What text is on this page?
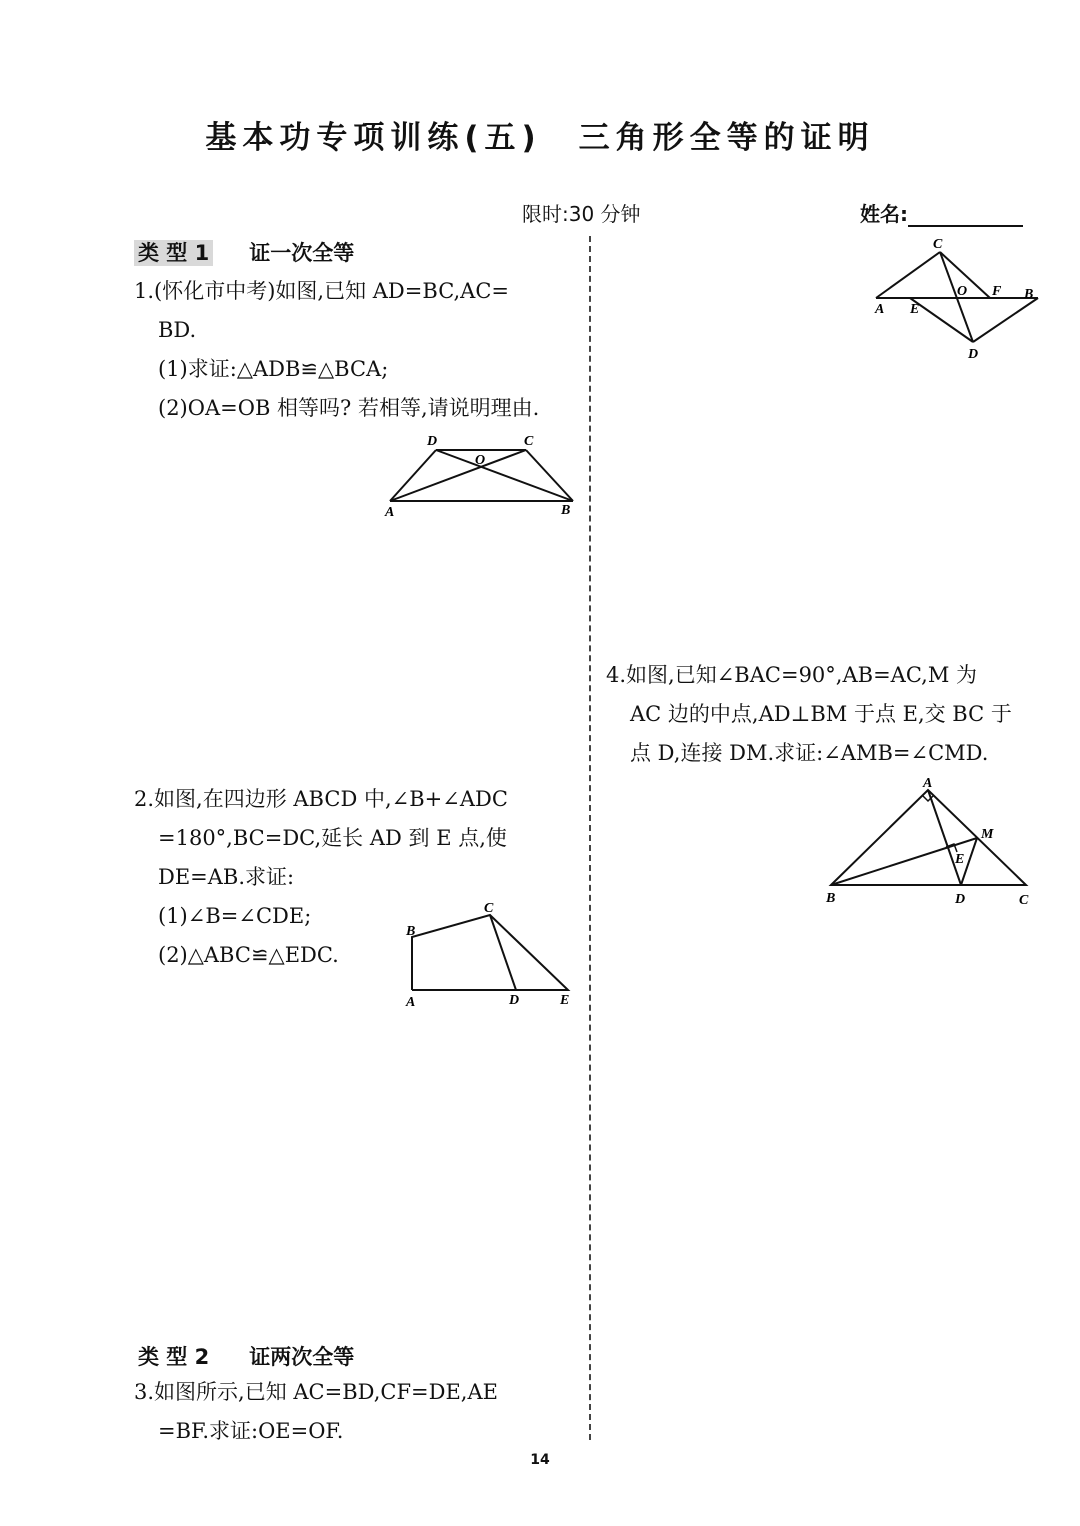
基本功专项训练(五)　三角形全等的证明
限时:30 分钟	姓名:
类 型 1 证一次全等
1.(怀化市中考)如图,已知 AD=BC,AC=
BD.
(1)求证:△ADB≌△BCA;
(2)OA=OB 相等吗? 若相等,请说明理由.
A	B
C
D
O
2.如图,在四边形 ABCD 中,∠B+∠ADC
=180°,BC=DC,延长 AD 到 E 点,使
DE=AB.求证:
(1)∠B=∠CDE;
(2)△ABC≌△EDC.
A
B
C
D	E
类 型 2 证两次全等
3.如图所示,已知 AC=BD,CF=DE,AE
=BF.求证:OE=OF.
A
B
C
D
E
F
O
4.如图,已知∠BAC=90°,AB=AC,M 为
AC 边的中点,AD⊥BM 于点 E,交 BC 于
点 D,连接 DM.求证:∠AMB=∠CMD.
A
B	C
D
E
M
14
